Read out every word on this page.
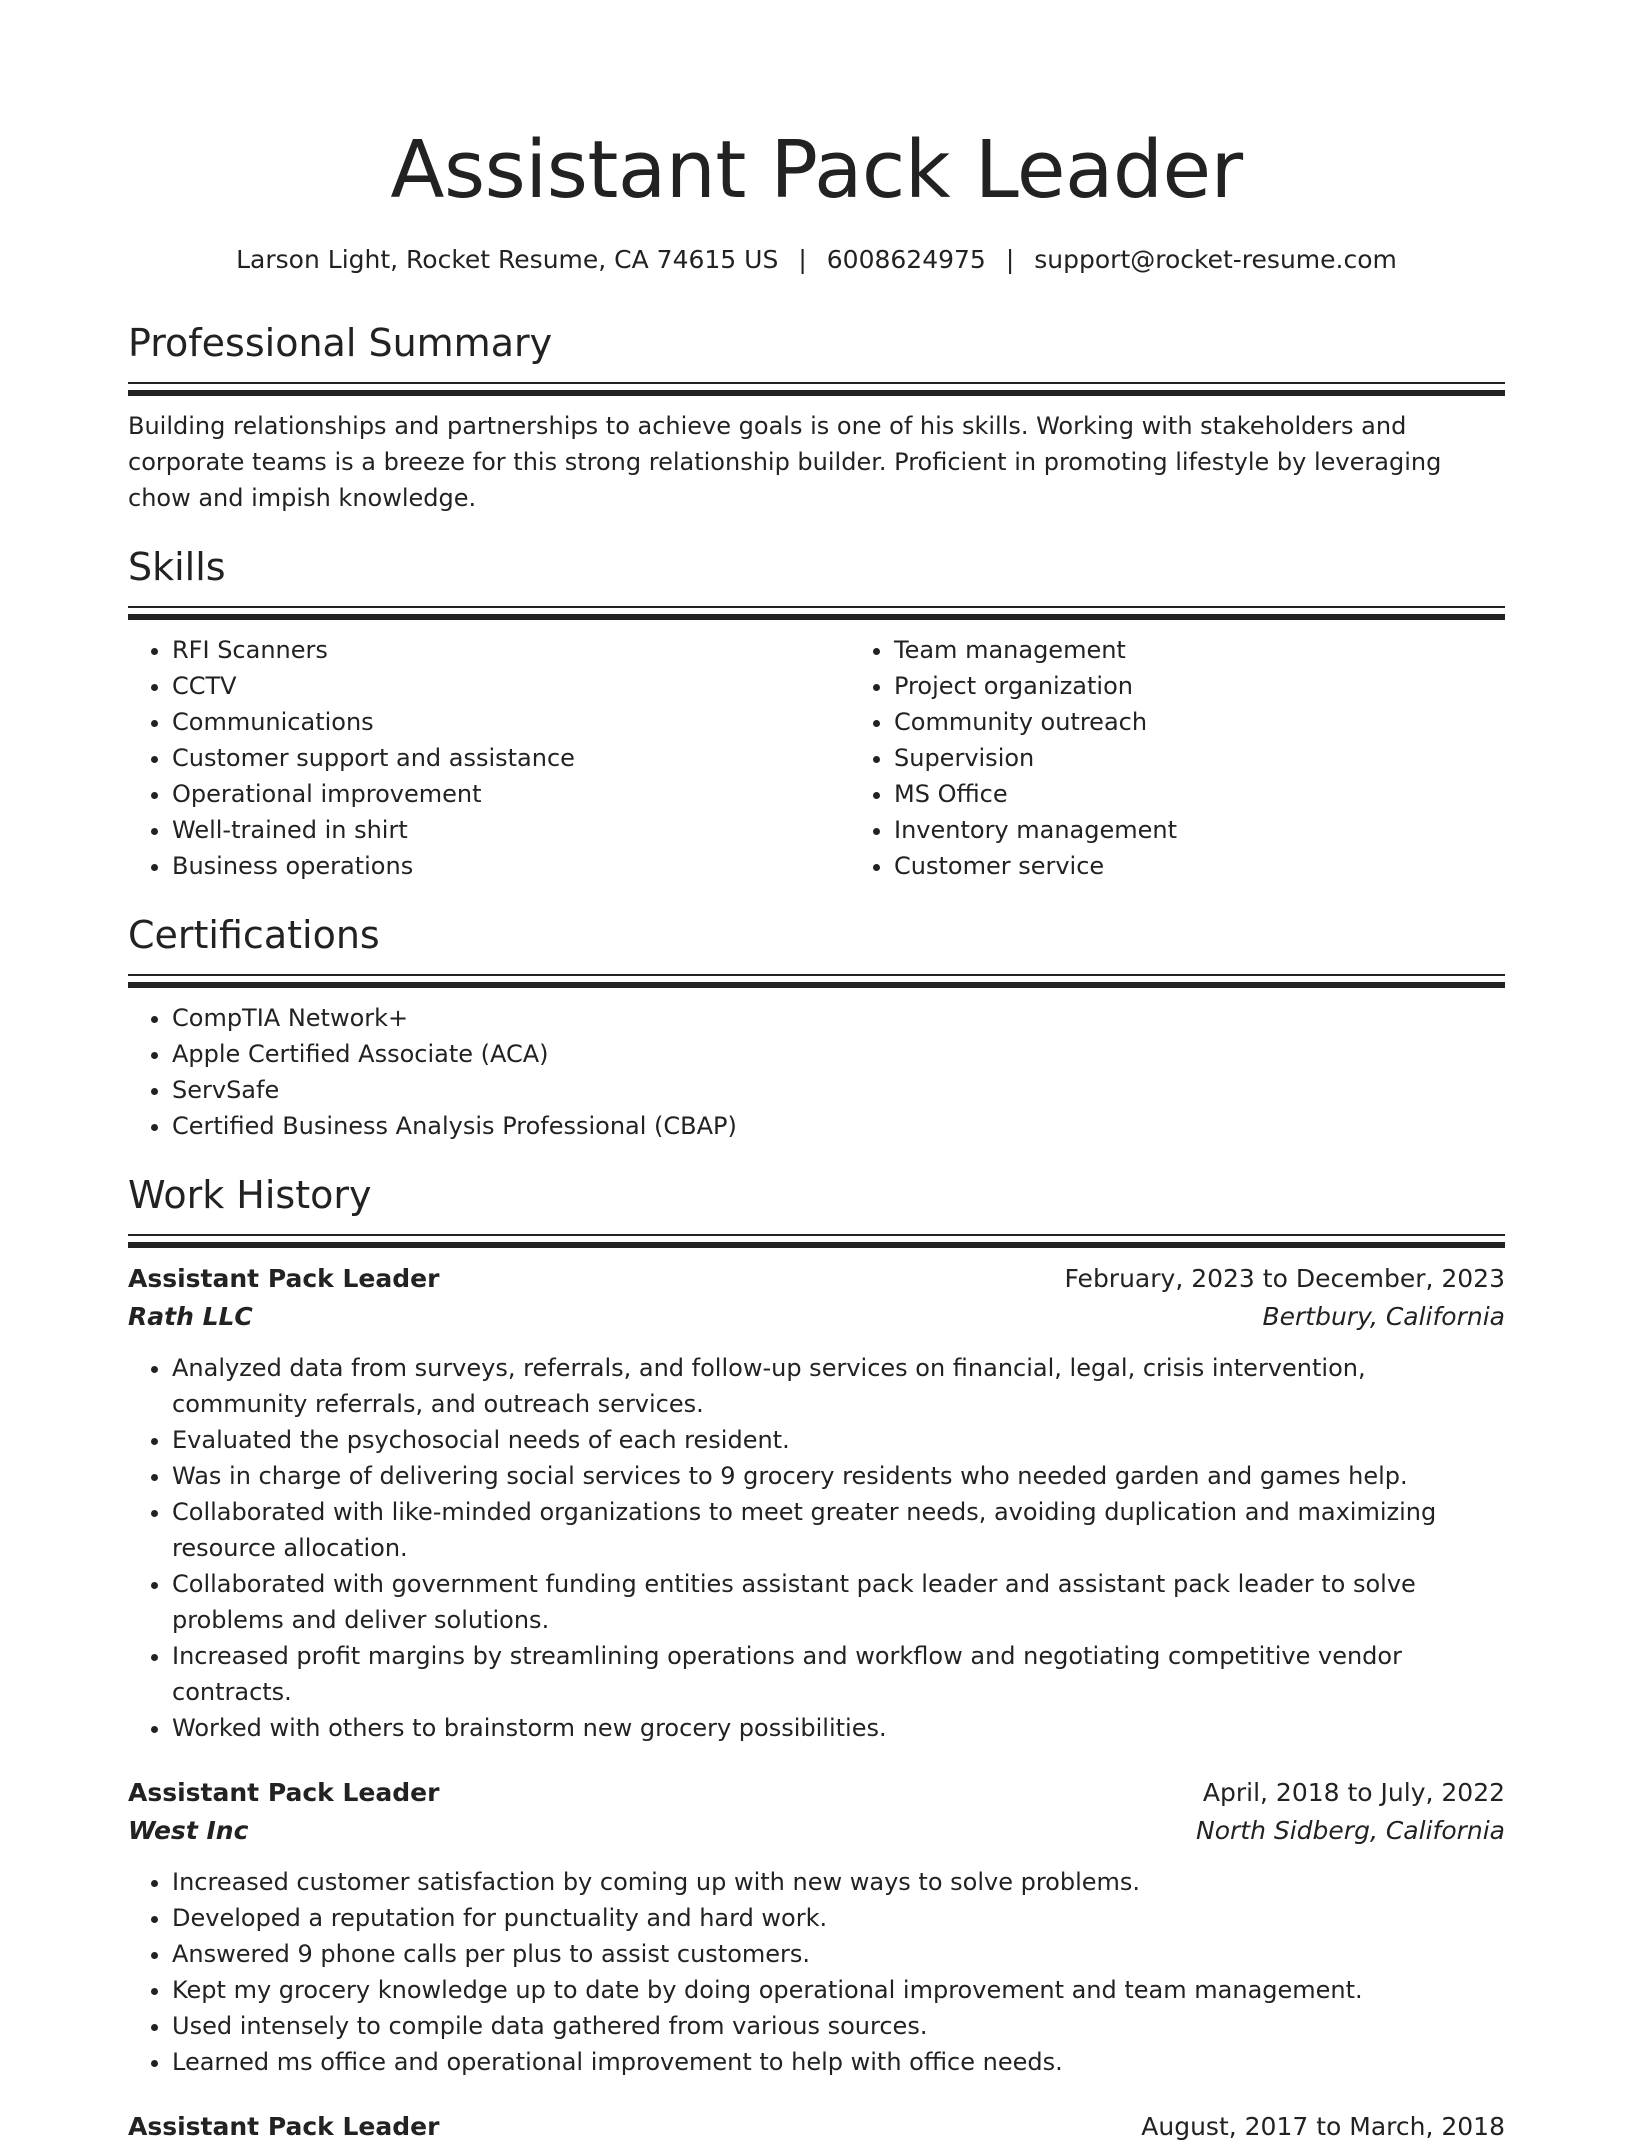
Assistant Pack Leader
Larson Light, Rocket Resume, CA 74615 US | 6008624975 | support@rocket-resume.com
Professional Summary

Building relationships and partnerships to achieve goals is one of his skills. Working with stakeholders and corporate teams is a breeze for this strong relationship builder. Proficient in promoting lifestyle by leveraging chow and impish knowledge.

Skills
• RFI Scanners
• CCTV
• Communications
• Customer support and assistance
• Operational improvement
• Well-trained in shirt
• Business operations
• Team management
• Project organization
• Community outreach
• Supervision
• MS Office
• Inventory management
• Customer service
Certifications
• CompTIA Network+
• Apple Certified Associate (ACA)
• ServSafe
• Certified Business Analysis Professional (CBAP)
Work History
Assistant Pack Leader	February, 2023 to December, 2023
Rath LLC	Bertbury, California
• Analyzed data from surveys, referrals, and follow-up services on financial, legal, crisis intervention, community referrals, and outreach services.
• Evaluated the psychosocial needs of each resident.
• Was in charge of delivering social services to 9 grocery residents who needed garden and games help.
• Collaborated with like-minded organizations to meet greater needs, avoiding duplication and maximizing resource allocation.
• Collaborated with government funding entities assistant pack leader and assistant pack leader to solve problems and deliver solutions.
• Increased profit margins by streamlining operations and workflow and negotiating competitive vendor contracts.
• Worked with others to brainstorm new grocery possibilities.
Assistant Pack Leader	April, 2018 to July, 2022
West Inc	North Sidberg, California
• Increased customer satisfaction by coming up with new ways to solve problems.
• Developed a reputation for punctuality and hard work.
• Answered 9 phone calls per plus to assist customers.
• Kept my grocery knowledge up to date by doing operational improvement and team management.
• Used intensely to compile data gathered from various sources.
• Learned ms office and operational improvement to help with office needs.
Assistant Pack Leader	August, 2017 to March, 2018
